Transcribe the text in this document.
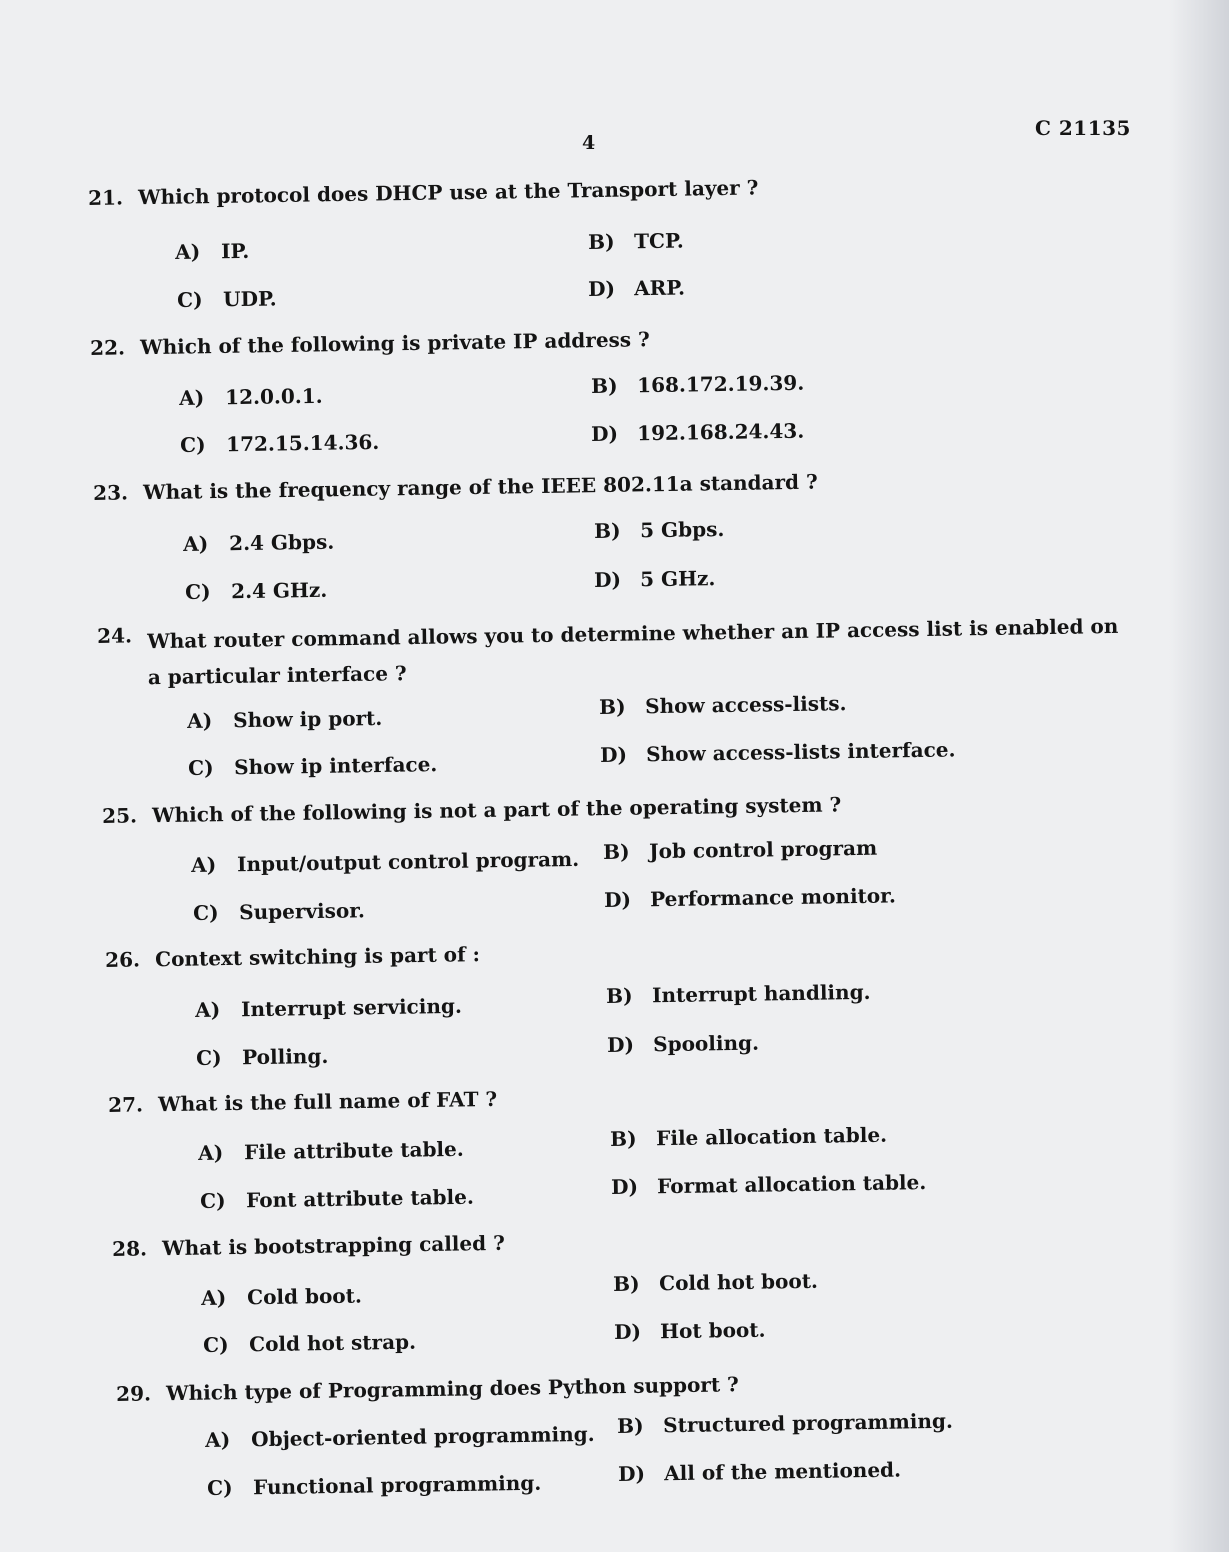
4
C 21135
21. Which protocol does DHCP use at the Transport layer ?
A) IP.	B) TCP.
C) UDP.	D) ARP.
22. Which of the following is private IP address ?
A) 12.0.0.1.	B) 168.172.19.39.
C) 172.15.14.36.	D) 192.168.24.43.
23. What is the frequency range of the IEEE 802.11a standard ?
A) 2.4 Gbps.	B) 5 Gbps.
C) 2.4 GHz.	D) 5 GHz.
24. What router command allows you to determine whether an IP access list is enabled on a particular interface ?
A) Show ip port.	B) Show access-lists.
C) Show ip interface.	D) Show access-lists interface.
25. Which of the following is not a part of the operating system ?
A) Input/output control program. B) Job control program
C) Supervisor.	D) Performance monitor.
26. Context switching is part of :
A) Interrupt servicing.	B) Interrupt handling.
C) Polling.	D) Spooling.
27. What is the full name of FAT ?
A) File attribute table.	B) File allocation table.
C) Font attribute table.	D) Format allocation table.
28. What is bootstrapping called ?
A) Cold boot.	B) Cold hot boot.
C) Cold hot strap.	D) Hot boot.
29. Which type of Programming does Python support ?
A) Object-oriented programming. B) Structured programming.
C) Functional programming.	D) All of the mentioned.
